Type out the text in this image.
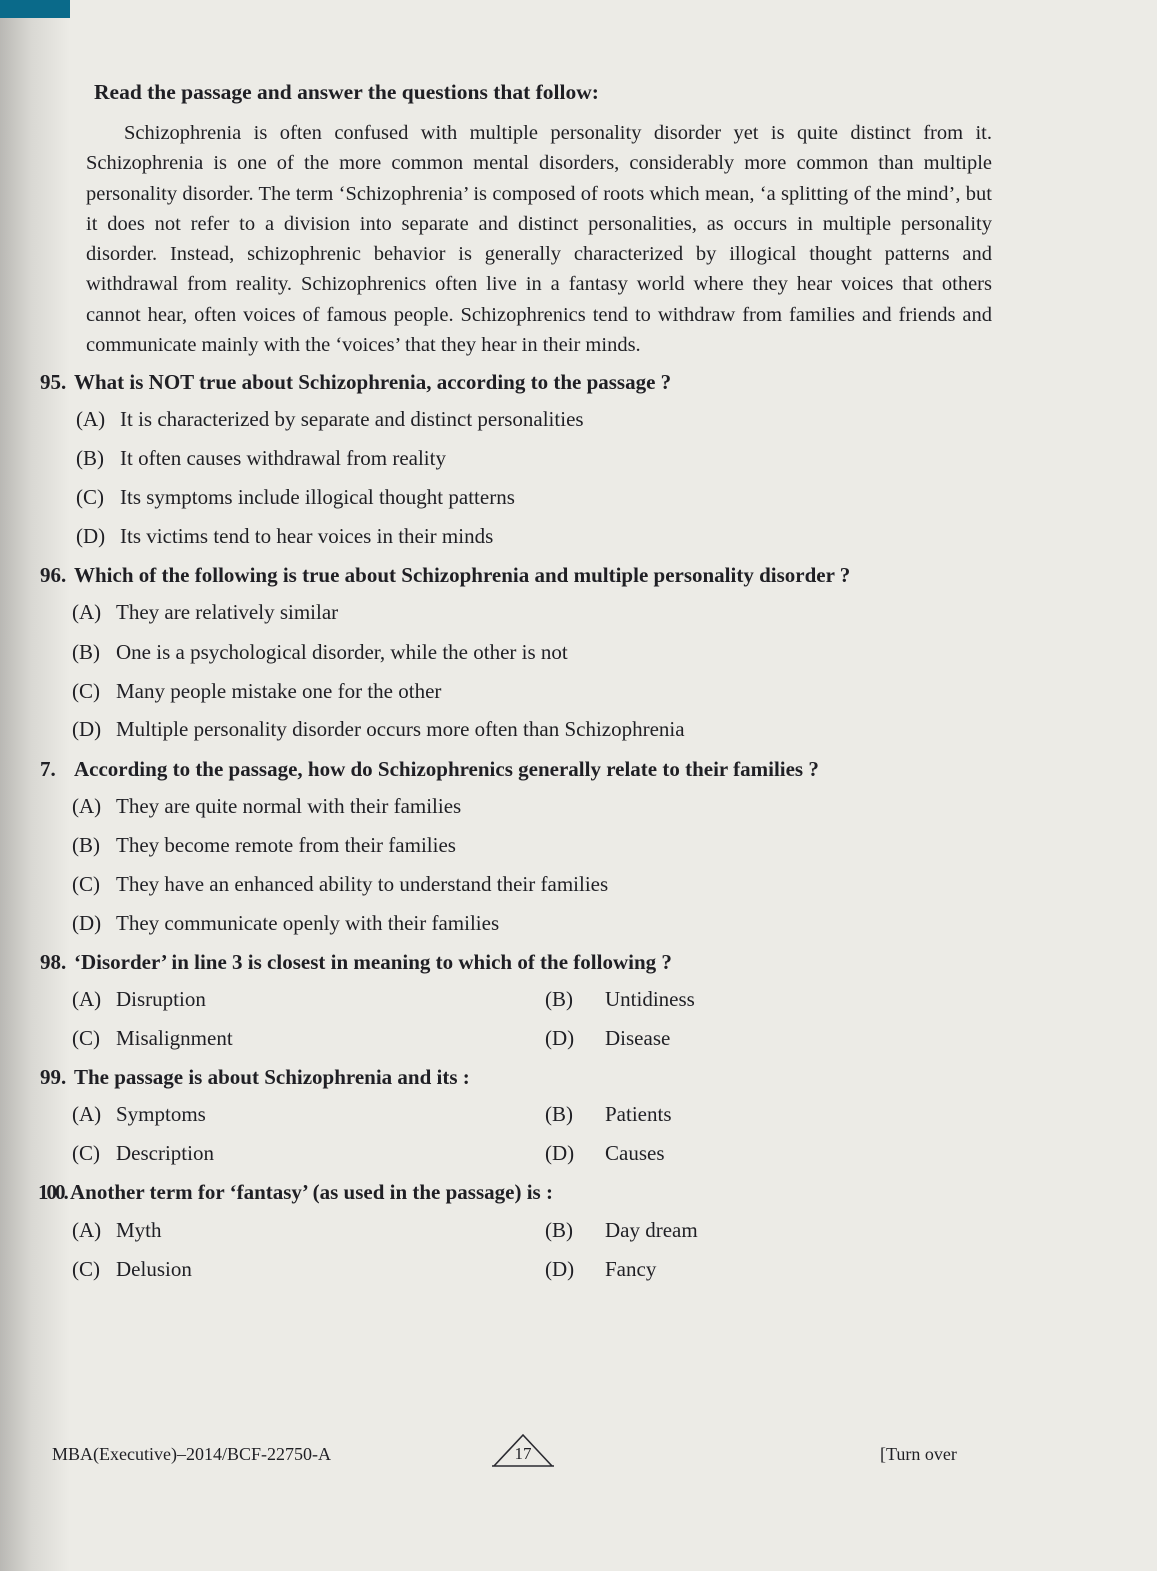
Read the passage and answer the questions that follow:

Schizophrenia is often confused with multiple personality disorder yet is quite distinct from it. Schizophrenia is one of the more common mental disorders, considerably more common than multiple personality disorder. The term ‘Schizophrenia’ is composed of roots which mean, ‘a splitting of the mind’, but it does not refer to a division into separate and distinct personalities, as occurs in multiple personality disorder. Instead, schizophrenic behavior is generally characterized by illogical thought patterns and withdrawal from reality. Schizophrenics often live in a fantasy world where they hear voices that others cannot hear, often voices of famous people. Schizophrenics tend to withdraw from families and friends and communicate mainly with the ‘voices’ that they hear in their minds.

95. What is NOT true about Schizophrenia, according to the passage ?
(A) It is characterized by separate and distinct personalities
(B) It often causes withdrawal from reality
(C) Its symptoms include illogical thought patterns
(D) Its victims tend to hear voices in their minds
96. Which of the following is true about Schizophrenia and multiple personality disorder ?
(A) They are relatively similar
(B) One is a psychological disorder, while the other is not
(C) Many people mistake one for the other
(D) Multiple personality disorder occurs more often than Schizophrenia
7. According to the passage, how do Schizophrenics generally relate to their families ?
(A) They are quite normal with their families
(B) They become remote from their families
(C) They have an enhanced ability to understand their families
(D) They communicate openly with their families
98. ‘Disorder’ in line 3 is closest in meaning to which of the following ?
(A) Disruption	(B) Untidiness
(C) Misalignment	(D) Disease
99. The passage is about Schizophrenia and its :
(A) Symptoms	(B) Patients
(C) Description	(D) Causes
100. Another term for ‘fantasy’ (as used in the passage) is :
(A) Myth	(B) Day dream
(C) Delusion	(D) Fancy
MBA(Executive)–2014/BCF-22750-A	17	[Turn over
